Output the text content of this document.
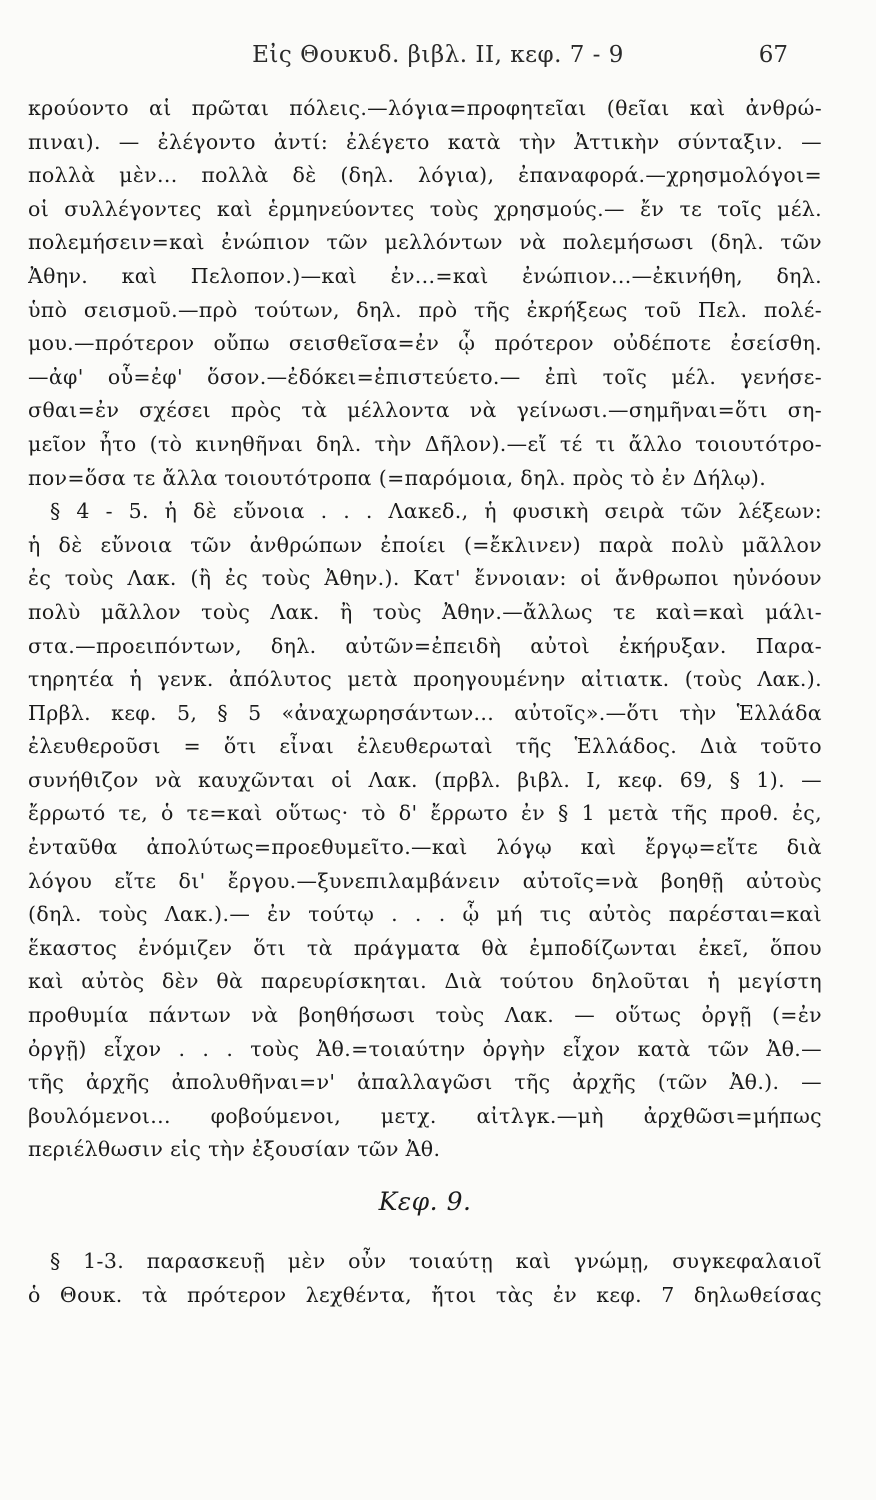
Εἰς Θουκυδ. βιβλ. ΙΙ, κεφ. 7 - 9	67
κρούοντο αἱ πρῶται πόλεις.—λόγια=προφητεῖαι (θεῖαι καὶ ἀνθρώ-
πιναι). — ἐλέγοντο ἀντί: ἐλέγετο κατὰ τὴν Ἀττικὴν σύνταξιν. —
πολλὰ μὲν... πολλὰ δὲ (δηλ. λόγια), ἐπαναφορά.—χρησμολόγοι=
οἱ συλλέγοντες καὶ ἑρμηνεύοντες τοὺς χρησμούς.— ἔν τε τοῖς μέλ.
πολεμήσειν=καὶ ἐνώπιον τῶν μελλόντων νὰ πολεμήσωσι (δηλ. τῶν
Ἀθην. καὶ Πελοπον.)—καὶ ἐν...=καὶ ἐνώπιον...—ἐκινήθη, δηλ.
ὑπὸ σεισμοῦ.—πρὸ τούτων, δηλ. πρὸ τῆς ἐκρήξεως τοῦ Πελ. πολέ-
μου.—πρότερον οὔπω σεισθεῖσα=ἐν ᾧ πρότερον οὐδέποτε ἐσείσθη.
—ἀφ' οὗ=ἐφ' ὅσον.—ἐδόκει=ἐπιστεύετο.— ἐπὶ τοῖς μέλ. γενήσε-
σθαι=ἐν σχέσει πρὸς τὰ μέλλοντα νὰ γείνωσι.—σημῆναι=ὅτι ση-
μεῖον ἦτο (τὸ κινηθῆναι δηλ. τὴν Δῆλον).—εἴ τέ τι ἄλλο τοιουτότρο-
πον=ὅσα τε ἄλλα τοιουτότροπα (=παρόμοια, δηλ. πρὸς τὸ ἐν Δήλῳ).
§ 4 - 5. ἡ δὲ εὔνοια . . . Λακεδ., ἡ φυσικὴ σειρὰ τῶν λέξεων:
ἡ δὲ εὔνοια τῶν ἀνθρώπων ἐποίει (=ἔκλινεν) παρὰ πολὺ μᾶλλον
ἐς τοὺς Λακ. (ἢ ἐς τοὺς Ἀθην.). Κατ' ἔννοιαν: οἱ ἄνθρωποι ηὐνόουν
πολὺ μᾶλλον τοὺς Λακ. ἢ τοὺς Ἀθην.—ἄλλως τε καὶ=καὶ μάλι-
στα.—προειπόντων, δηλ. αὐτῶν=ἐπειδὴ αὐτοὶ ἐκήρυξαν. Παρα-
τηρητέα ἡ γενκ. ἀπόλυτος μετὰ προηγουμένην αἰτιατκ. (τοὺς Λακ.).
Πρβλ. κεφ. 5, § 5 «ἀναχωρησάντων... αὐτοῖς».—ὅτι τὴν Ἑλλάδα
ἐλευθεροῦσι = ὅτι εἶναι ἐλευθερωταὶ τῆς Ἑλλάδος. Διὰ τοῦτο
συνήθιζον νὰ καυχῶνται οἱ Λακ. (πρβλ. βιβλ. Ι, κεφ. 69, § 1). —
ἔρρωτό τε, ὁ τε=καὶ οὕτως· τὸ δ' ἔρρωτο ἐν § 1 μετὰ τῆς προθ. ἐς,
ἐνταῦθα ἀπολύτως=προεθυμεῖτο.—καὶ λόγῳ καὶ ἔργῳ=εἴτε διὰ
λόγου εἴτε δι' ἔργου.—ξυνεπιλαμβάνειν αὐτοῖς=νὰ βοηθῇ αὐτοὺς
(δηλ. τοὺς Λακ.).— ἐν τούτῳ . . . ᾧ μή τις αὐτὸς παρέσται=καὶ
ἕκαστος ἐνόμιζεν ὅτι τὰ πράγματα θὰ ἐμποδίζωνται ἐκεῖ, ὅπου
καὶ αὐτὸς δὲν θὰ παρευρίσκηται. Διὰ τούτου δηλοῦται ἡ μεγίστη
προθυμία πάντων νὰ βοηθήσωσι τοὺς Λακ. — οὕτως ὀργῇ (=ἐν
ὀργῇ) εἶχον . . . τοὺς Ἀθ.=τοιαύτην ὀργὴν εἶχον κατὰ τῶν Ἀθ.—
τῆς ἀρχῆς ἀπολυθῆναι=ν' ἀπαλλαγῶσι τῆς ἀρχῆς (τῶν Ἀθ.). —
βουλόμενοι... φοβούμενοι, μετχ. αἰτλγκ.—μὴ ἀρχθῶσι=μήπως
περιέλθωσιν εἰς τὴν ἐξουσίαν τῶν Ἀθ.
Κεφ. 9.
§ 1-3. παρασκευῇ μὲν οὖν τοιαύτῃ καὶ γνώμῃ, συγκεφαλαιοῖ
ὁ Θουκ. τὰ πρότερον λεχθέντα, ἤτοι τὰς ἐν κεφ. 7 δηλωθείσας
